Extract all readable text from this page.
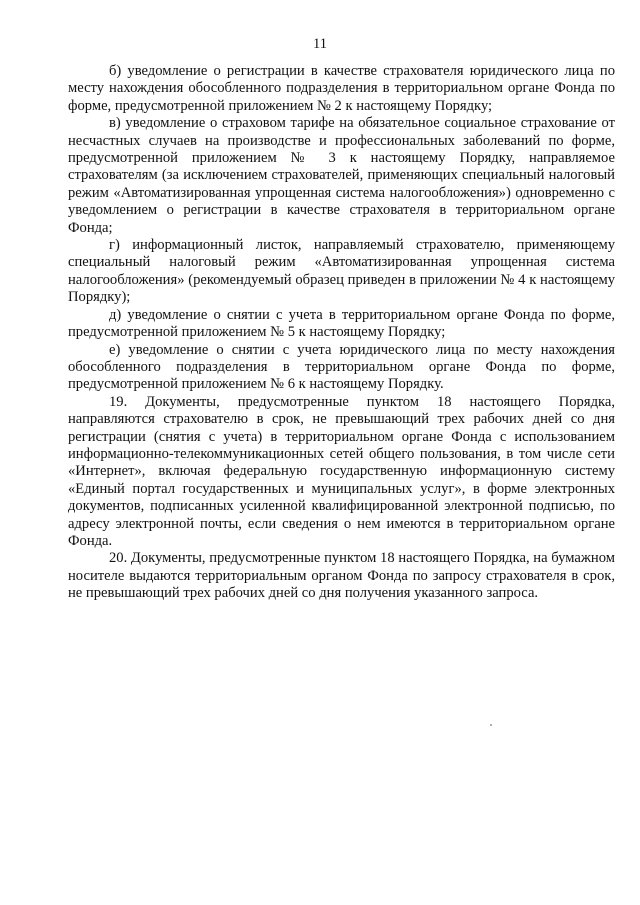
11

б) уведомление о регистрации в качестве страхователя юридического лица по месту нахождения обособленного подразделения в территориальном органе Фонда по форме, предусмотренной приложением № 2 к настоящему Порядку;

в) уведомление о страховом тарифе на обязательное социальное страхование от несчастных случаев на производстве и профессиональных заболеваний по форме, предусмотренной приложением № 3 к настоящему Порядку, направляемое страхователям (за исключением страхователей, применяющих специальный налоговый режим «Автоматизированная упрощенная система налогообложения») одновременно с уведомлением о регистрации в качестве страхователя в территориальном органе Фонда;

г) информационный листок, направляемый страхователю, применяющему специальный налоговый режим «Автоматизированная упрощенная система налогообложения» (рекомендуемый образец приведен в приложении № 4 к настоящему Порядку);

д) уведомление о снятии с учета в территориальном органе Фонда по форме, предусмотренной приложением № 5 к настоящему Порядку;

е) уведомление о снятии с учета юридического лица по месту нахождения обособленного подразделения в территориальном органе Фонда по форме, предусмотренной приложением № 6 к настоящему Порядку.

19. Документы, предусмотренные пунктом 18 настоящего Порядка, направляются страхователю в срок, не превышающий трех рабочих дней со дня регистрации (снятия с учета) в территориальном органе Фонда с использованием информационно-телекоммуникационных сетей общего пользования, в том числе сети «Интернет», включая федеральную государственную информационную систему «Единый портал государственных и муниципальных услуг», в форме электронных документов, подписанных усиленной квалифицированной электронной подписью, по адресу электронной почты, если сведения о нем имеются в территориальном органе Фонда.

20. Документы, предусмотренные пунктом 18 настоящего Порядка, на бумажном носителе выдаются территориальным органом Фонда по запросу страхователя в срок, не превышающий трех рабочих дней со дня получения указанного запроса.
